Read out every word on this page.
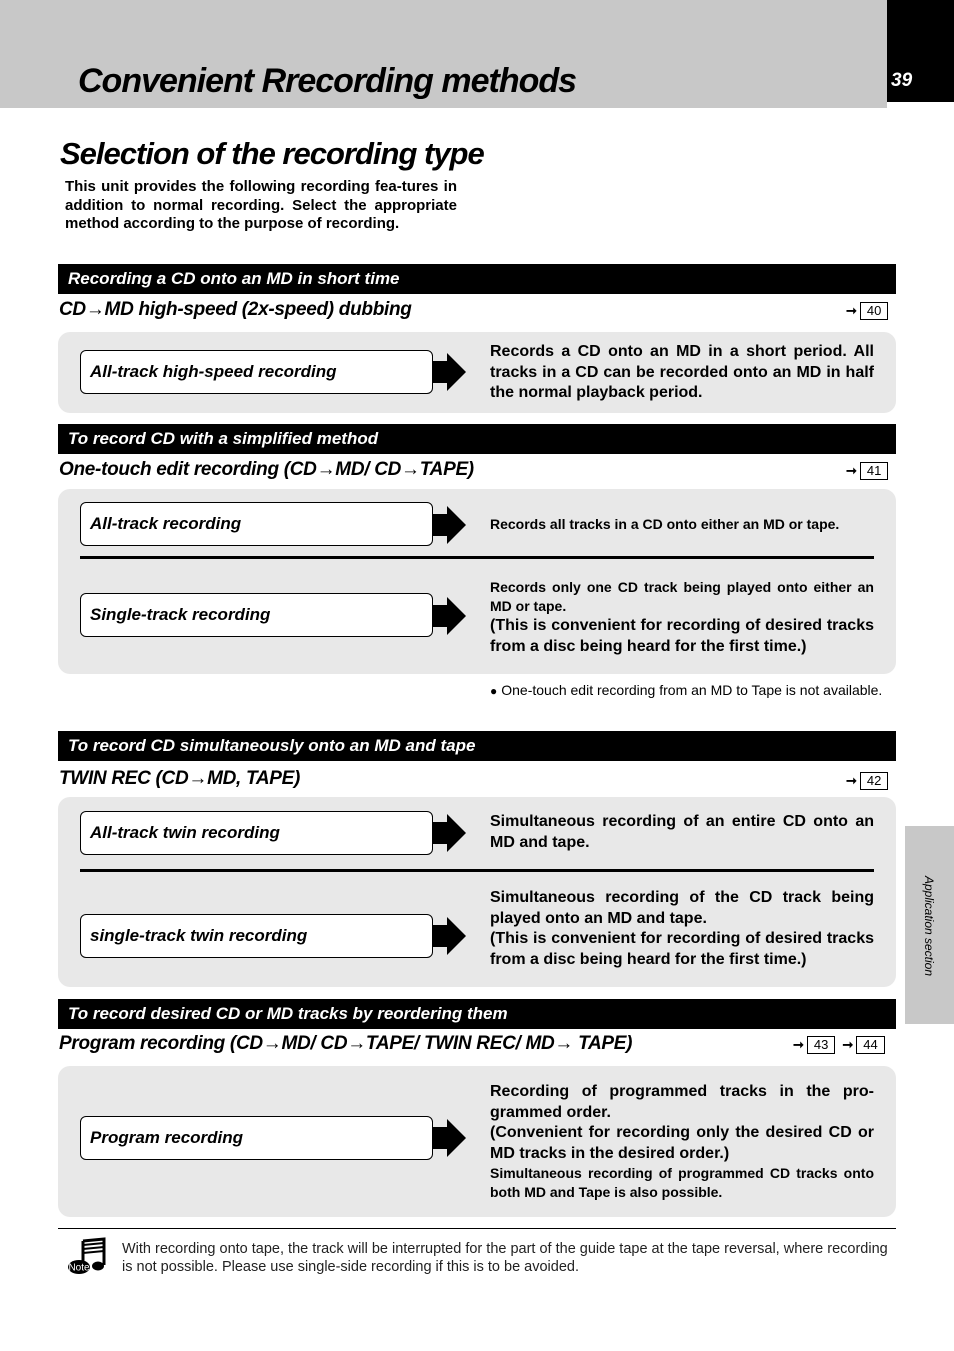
Convenient Rrecording methods	39
Application section
Selection of the recording type
This unit provides the following recording fea-tures in addition to normal recording. Select the appropriate method according to the purpose of recording.
Recording a CD onto an MD in short time
CD→MD high-speed (2x-speed) dubbing	➞ 40
All-track high-speed recording
Records a CD onto an MD in a short period. All tracks in a CD can be recorded onto an MD in half the normal playback period.
To record CD with a simplified method
One-touch edit recording (CD→MD/ CD→TAPE)	➞ 41
All-track recording	Records all tracks in a CD onto either an MD or tape.
Single-track recording
Records only one CD track being played onto either an MD or tape.
(This is convenient for recording of desired tracks from a disc being heard for the first time.)
● One-touch edit recording from an MD to Tape is not available.
To record CD simultaneously onto an MD and tape
TWIN REC (CD→MD, TAPE)	➞ 42
All-track twin recording
Simultaneous recording of an entire CD onto an MD and tape.
single-track twin recording
Simultaneous recording of the CD track being played onto an MD and tape.
(This is convenient for recording of desired tracks from a disc being heard for the first time.)
To record desired CD or MD tracks by reordering them
Program recording (CD→MD/ CD→TAPE/ TWIN REC/ MD→ TAPE)	➞ 43	➞ 44
Program recording
Recording of programmed tracks in the pro-grammed order.
(Convenient for recording only the desired CD or MD tracks in the desired order.)
Simultaneous recording of programmed CD tracks onto both MD and Tape is also possible.
Note
With recording onto tape, the track will be interrupted for the part of the guide tape at the tape reversal, where recording is not possible. Please use single-side recording if this is to be avoided.
